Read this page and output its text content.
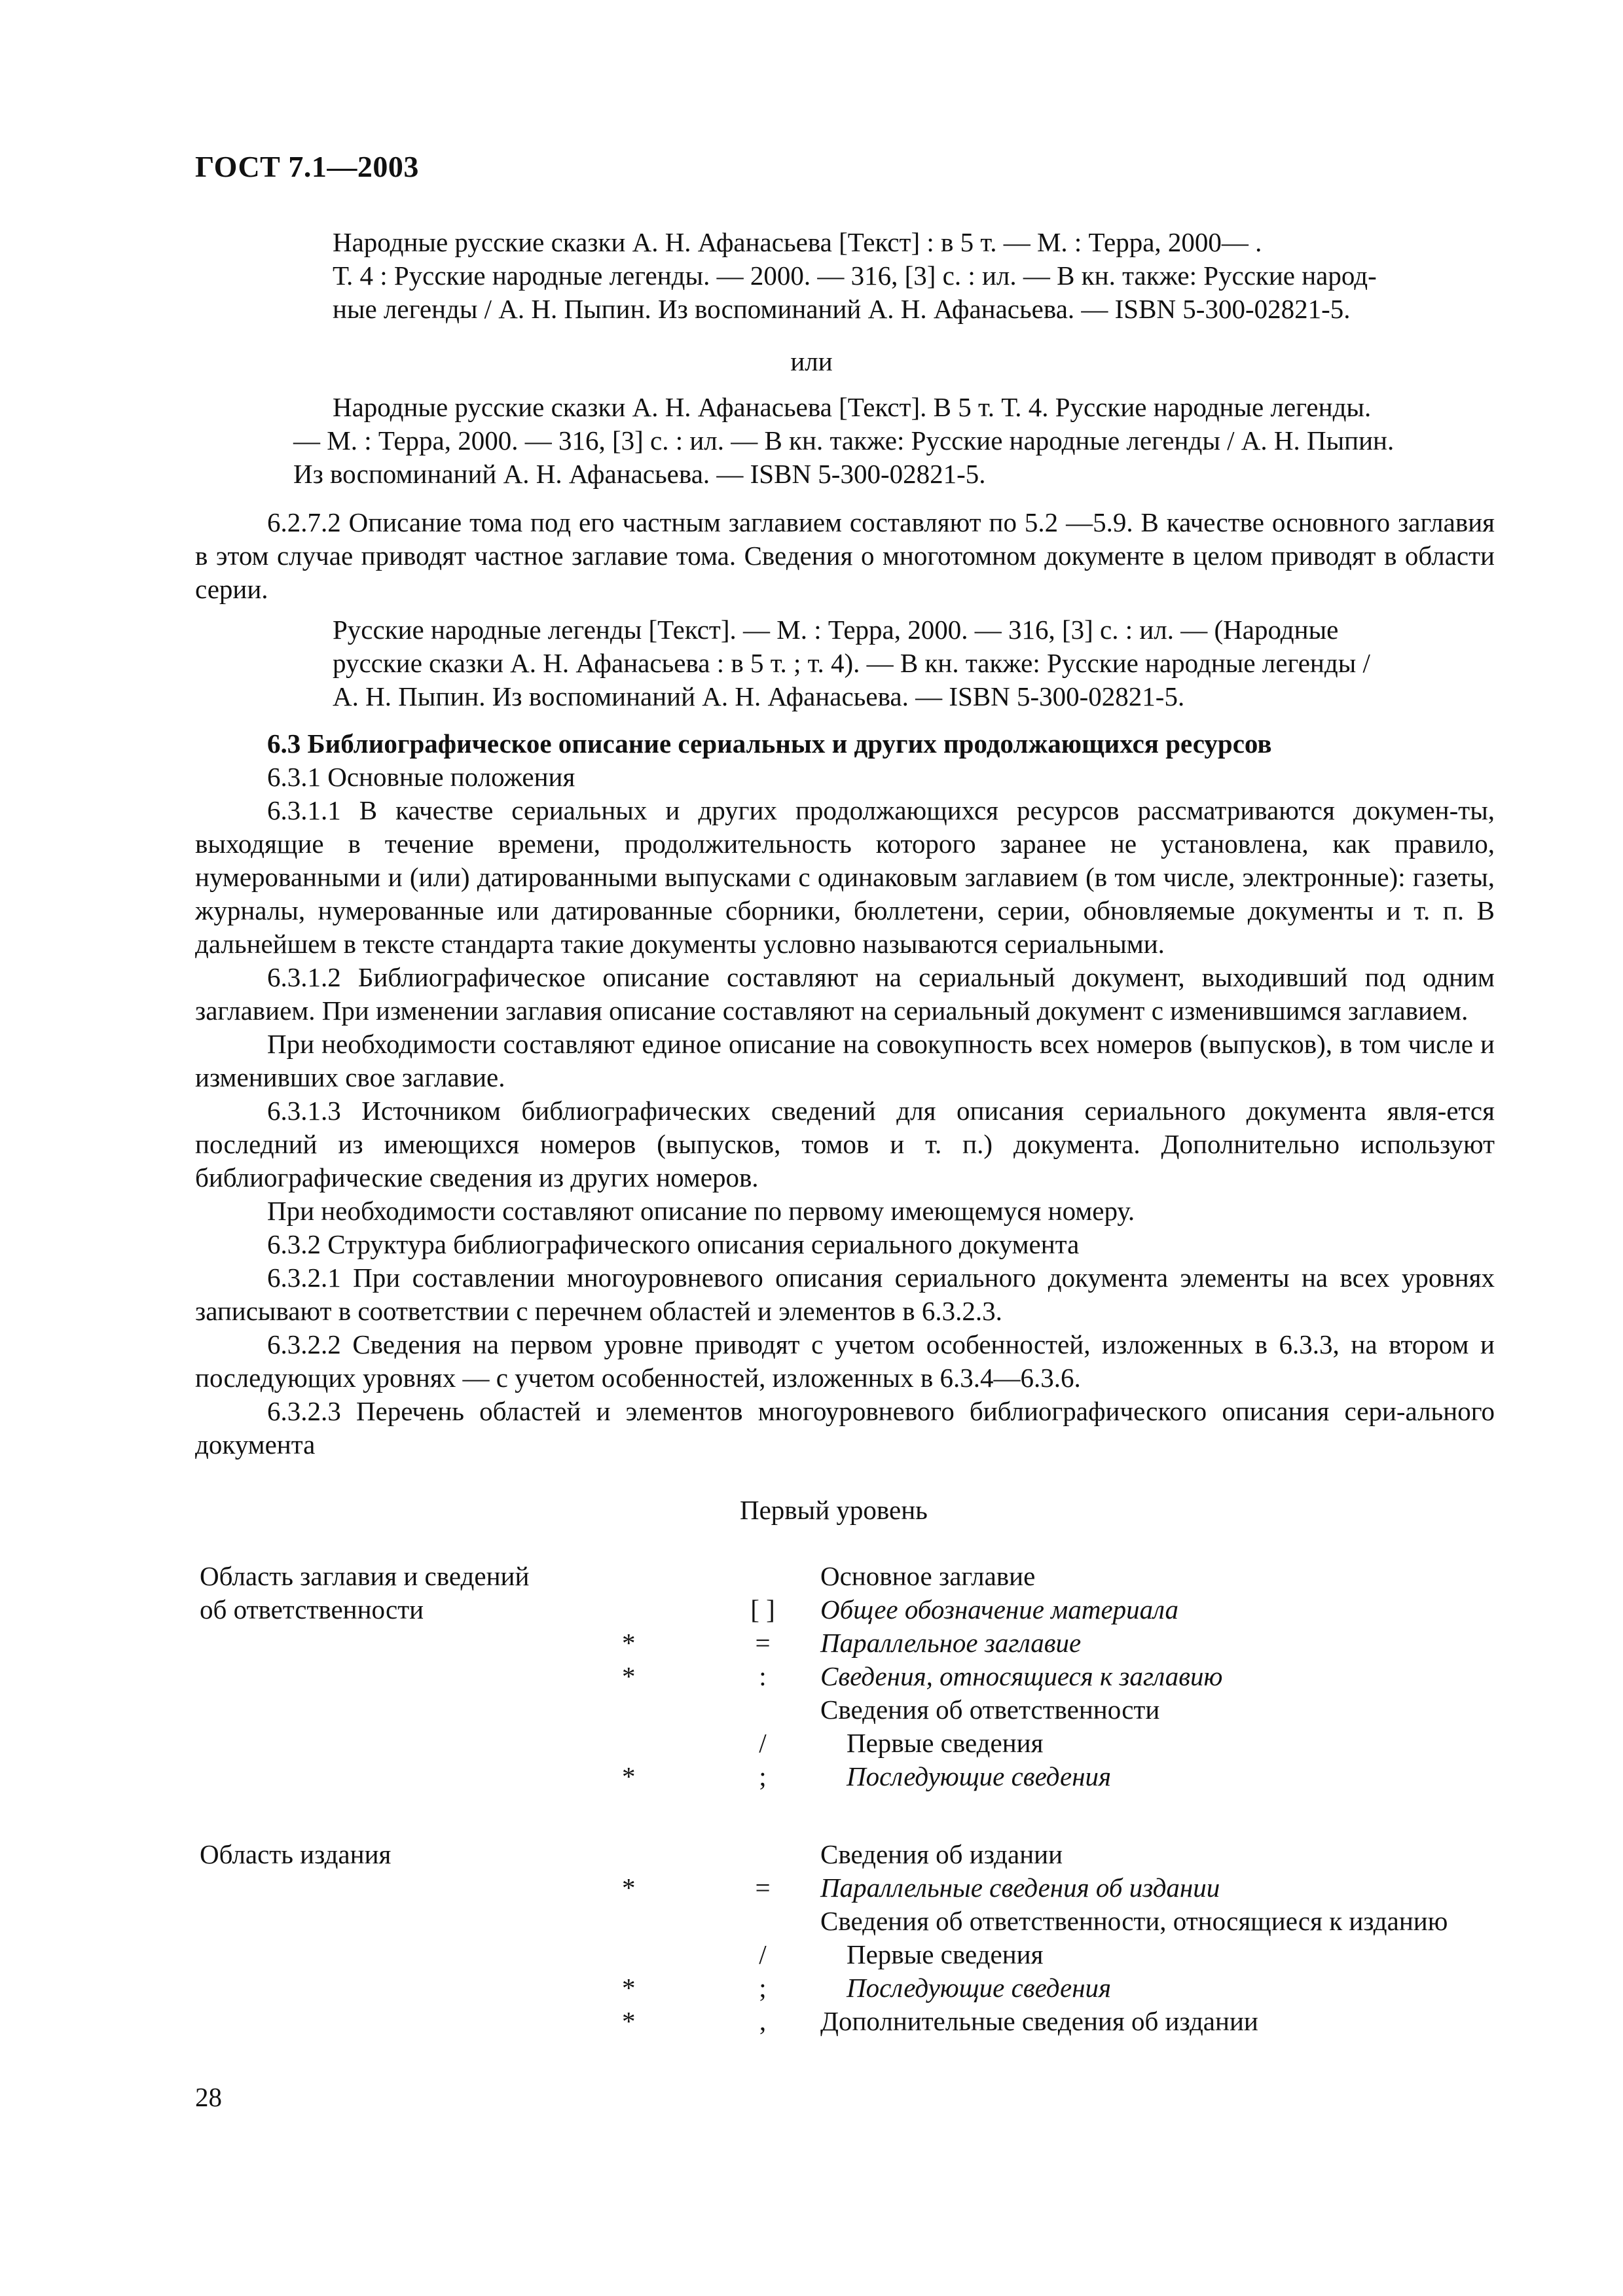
ГОСТ 7.1—2003

Народные русские сказки А. Н. Афанасьева [Текст] : в 5 т. — М. : Терра, 2000— .
Т. 4 : Русские народные легенды. — 2000. — 316, [3] с. : ил. — В кн. также: Русские народ-
ные легенды / А. Н. Пыпин. Из воспоминаний А. Н. Афанасьева. — ISBN 5-300-02821-5.

или

Народные русские сказки А. Н. Афанасьева [Текст]. В 5 т. Т. 4. Русские народные легенды.
— М. : Терра, 2000. — 316, [3] с. : ил. — В кн. также: Русские народные легенды / А. Н. Пыпин.
Из воспоминаний А. Н. Афанасьева. — ISBN 5-300-02821-5.

6.2.7.2 Описание тома под его частным заглавием составляют по 5.2 —5.9. В качестве основного заглавия в этом случае приводят частное заглавие тома. Сведения о многотомном документе в целом приводят в области серии.

Русские народные легенды [Текст]. — М. : Терра, 2000. — 316, [3] с. : ил. — (Народные
русские сказки А. Н. Афанасьева : в 5 т. ; т. 4). — В кн. также: Русские народные легенды /
А. Н. Пыпин. Из воспоминаний А. Н. Афанасьева. — ISBN 5-300-02821-5.

6.3 Библиографическое описание сериальных и других продолжающихся ресурсов

6.3.1 Основные положения

6.3.1.1 В качестве сериальных и других продолжающихся ресурсов рассматриваются докумен-ты, выходящие в течение времени, продолжительность которого заранее не установлена, как правило, нумерованными и (или) датированными выпусками с одинаковым заглавием (в том числе, электронные): газеты, журналы, нумерованные или датированные сборники, бюллетени, серии, обновляемые документы и т. п. В дальнейшем в тексте стандарта такие документы условно называются сериальными.

6.3.1.2 Библиографическое описание составляют на сериальный документ, выходивший под одним заглавием. При изменении заглавия описание составляют на сериальный документ с изменившимся заглавием.

При необходимости составляют единое описание на совокупность всех номеров (выпусков), в том числе и изменивших свое заглавие.

6.3.1.3 Источником библиографических сведений для описания сериального документа явля-ется последний из имеющихся номеров (выпусков, томов и т. п.) документа. Дополнительно используют библиографические сведения из других номеров.

При необходимости составляют описание по первому имеющемуся номеру.

6.3.2 Структура библиографического описания сериального документа

6.3.2.1 При составлении многоуровневого описания сериального документа элементы на всех уровнях записывают в соответствии с перечнем областей и элементов в 6.3.2.3.

6.3.2.2 Сведения на первом уровне приводят с учетом особенностей, изложенных в 6.3.3, на втором и последующих уровнях — с учетом особенностей, изложенных в 6.3.4—6.3.6.

6.3.2.3 Перечень областей и элементов многоуровневого библиографического описания сери-ального документа

Первый уровень
Область заглавия и сведений			Основное заглавие
об ответственности		[ ]	Общее обозначение материала
	*	=	Параллельное заглавие
	*	:	Сведения, относящиеся к заглавию
			Сведения об ответственности
		/	Первые сведения
	*	;	Последующие сведения
Область издания			Сведения об издании
	*	=	Параллельные сведения об издании
			Сведения об ответственности, относящиеся к изданию
		/	Первые сведения
	*	;	Последующие сведения
	*	,	Дополнительные сведения об издании
28
